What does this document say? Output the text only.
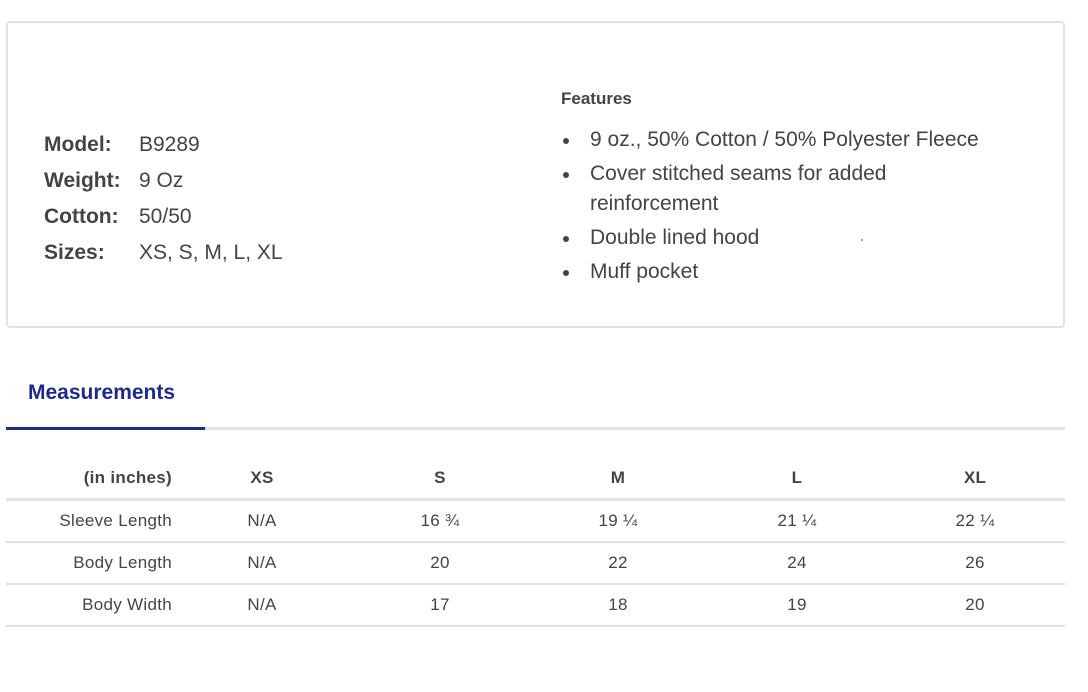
Model:	B9289
Weight: 9 Oz
Cotton: 50/50
Sizes:	XS, S, M, L, XL
Features
9 oz., 50% Cotton / 50% Polyester Fleece
Cover stitched seams for added reinforcement
Double lined hood
Muff pocket
Measurements
(in inches)	XS	S	M	L	XL
Sleeve Length	N/A	16 ¾	19 ¼	21 ¼	22 ¼
Body Length	N/A	20	22	24	26
Body Width	N/A	17	18	19	20
